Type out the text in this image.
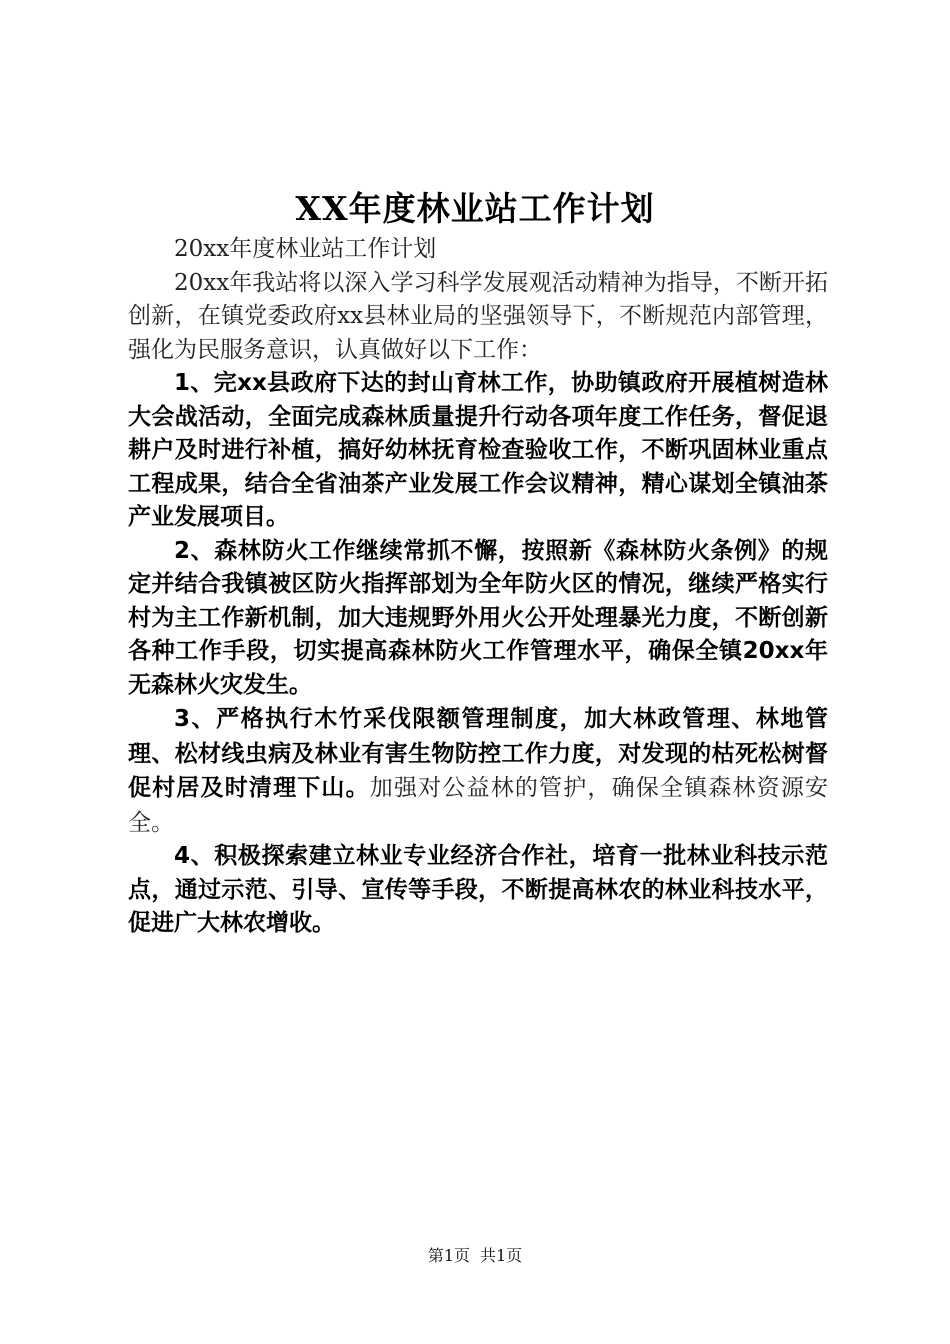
XX年度林业站工作计划

20xx年度林业站工作计划

20xx年我站将以深入学习科学发展观活动精神为指导，不断开拓创新，在镇党委政府xx县林业局的坚强领导下，不断规范内部管理，强化为民服务意识，认真做好以下工作：

1、完xx县政府下达的封山育林工作，协助镇政府开展植树造林大会战活动，全面完成森林质量提升行动各项年度工作任务，督促退耕户及时进行补植，搞好幼林抚育检查验收工作，不断巩固林业重点工程成果，结合全省油茶产业发展工作会议精神，精心谋划全镇油茶产业发展项目。

2、森林防火工作继续常抓不懈，按照新《森林防火条例》的规定并结合我镇被区防火指挥部划为全年防火区的情况，继续严格实行村为主工作新机制，加大违规野外用火公开处理暴光力度，不断创新各种工作手段，切实提高森林防火工作管理水平，确保全镇20xx年无森林火灾发生。

3、严格执行木竹采伐限额管理制度，加大林政管理、林地管理、松材线虫病及林业有害生物防控工作力度，对发现的枯死松树督促村居及时清理下山。加强对公益林的管护，确保全镇森林资源安全。

4、积极探索建立林业专业经济合作社，培育一批林业科技示范点，通过示范、引导、宣传等手段，不断提高林农的林业科技水平，促进广大林农增收。

第1页 共1页
